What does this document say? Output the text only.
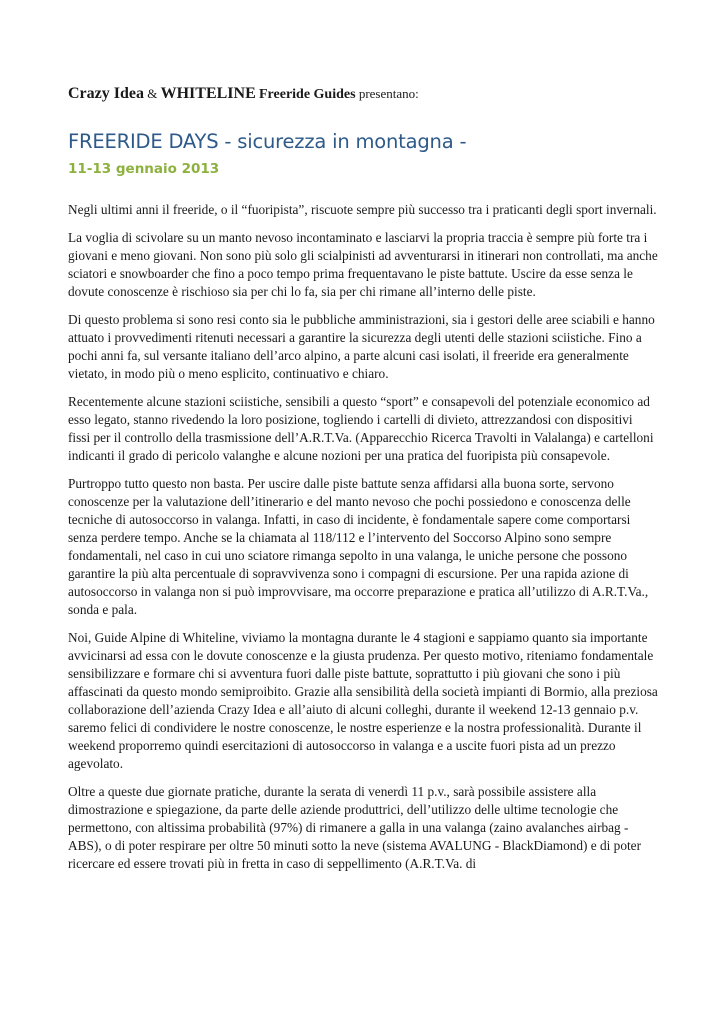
Crazy Idea & WHITELINE Freeride Guides presentano:

FREERIDE DAYS - sicurezza in montagna -
11-13 gennaio 2013

Negli ultimi anni il freeride, o il “fuoripista”, riscuote sempre più successo tra i praticanti degli sport invernali.

La voglia di scivolare su un manto nevoso incontaminato e lasciarvi la propria traccia è sempre più forte tra i giovani e meno giovani. Non sono più solo gli scialpinisti ad avventurarsi in itinerari non controllati, ma anche sciatori e snowboarder che fino a poco tempo prima frequentavano le piste battute. Uscire da esse senza le dovute conoscenze è rischioso sia per chi lo fa, sia per chi rimane all’interno delle piste.

Di questo problema si sono resi conto sia le pubbliche amministrazioni, sia i gestori delle aree sciabili e hanno attuato i provvedimenti ritenuti necessari a garantire la sicurezza degli utenti delle stazioni sciistiche. Fino a pochi anni fa, sul versante italiano dell’arco alpino, a parte alcuni casi isolati, il freeride era generalmente vietato, in modo più o meno esplicito, continuativo e chiaro.

Recentemente alcune stazioni sciistiche, sensibili a questo “sport” e consapevoli del potenziale economico ad esso legato, stanno rivedendo la loro posizione, togliendo i cartelli di divieto, attrezzandosi con dispositivi fissi per il controllo della trasmissione dell’A.R.T.Va. (Apparecchio Ricerca Travolti in Valalanga) e cartelloni indicanti il grado di pericolo valanghe e alcune nozioni per una pratica del fuoripista più consapevole.

Purtroppo tutto questo non basta. Per uscire dalle piste battute senza affidarsi alla buona sorte, servono conoscenze per la valutazione dell’itinerario e del manto nevoso che pochi possiedono e conoscenza delle tecniche di autosoccorso in valanga. Infatti, in caso di incidente, è fondamentale sapere come comportarsi senza perdere tempo. Anche se la chiamata al 118/112 e l’intervento del Soccorso Alpino sono sempre fondamentali, nel caso in cui uno sciatore rimanga sepolto in una valanga, le uniche persone che possono garantire la più alta percentuale di sopravvivenza sono i compagni di escursione. Per una rapida azione di autosoccorso in valanga non si può improvvisare, ma occorre preparazione e pratica all’utilizzo di A.R.T.Va., sonda e pala.

Noi, Guide Alpine di Whiteline, viviamo la montagna durante le 4 stagioni e sappiamo quanto sia importante avvicinarsi ad essa con le dovute conoscenze e la giusta prudenza. Per questo motivo, riteniamo fondamentale sensibilizzare e formare chi si avventura fuori dalle piste battute, soprattutto i più giovani che sono i più affascinati da questo mondo semiproibito. Grazie alla sensibilità della società impianti di Bormio, alla preziosa collaborazione dell’azienda Crazy Idea e all’aiuto di alcuni colleghi, durante il weekend 12-13 gennaio p.v. saremo felici di condividere le nostre conoscenze, le nostre esperienze e la nostra professionalità. Durante il weekend proporremo quindi esercitazioni di autosoccorso in valanga e a uscite fuori pista ad un prezzo agevolato.

Oltre a queste due giornate pratiche, durante la serata di venerdì 11 p.v., sarà possibile assistere alla dimostrazione e spiegazione, da parte delle aziende produttrici, dell’utilizzo delle ultime tecnologie che permettono, con altissima probabilità (97%) di rimanere a galla in una valanga (zaino avalanches airbag - ABS), o di poter respirare per oltre 50 minuti sotto la neve (sistema AVALUNG - BlackDiamond) e di poter ricercare ed essere trovati più in fretta in caso di seppellimento (A.R.T.Va. di
